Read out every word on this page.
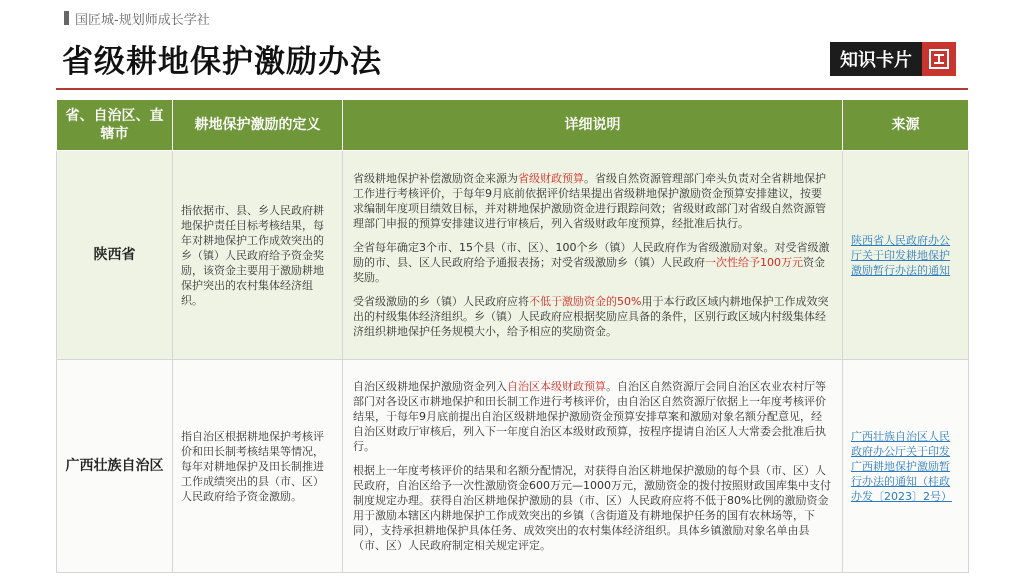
国匠城-规划师成长学社
省级耕地保护激励办法	知识卡片
省、自治区、直辖市	耕地保护激励的定义	详细说明	来源
陕西省	指依据市、县、乡人民政府耕地保护责任目标考核结果，每年对耕地保护工作成效突出的乡（镇）人民政府给予资金奖励，该资金主要用于激励耕地保护突出的农村集体经济组织。	省级耕地保护补偿激励资金来源为省级财政预算。省级自然资源管理部门牵头负责对全省耕地保护工作进行考核评价，于每年9月底前依据评价结果提出省级耕地保护激励资金预算安排建议，按要求编制年度项目绩效目标，并对耕地保护激励资金进行跟踪问效；省级财政部门对省级自然资源管理部门申报的预算安排建议进行审核后，列入省级财政年度预算，经批准后执行。

全省每年确定3个市、15个县（市、区）、100个乡（镇）人民政府作为省级激励对象。对受省级激励的市、县、区人民政府给予通报表扬；对受省级激励乡（镇）人民政府一次性给予100万元资金奖励。

受省级激励的乡（镇）人民政府应将不低于激励资金的50%用于本行政区域内耕地保护工作成效突出的村级集体经济组织。乡（镇）人民政府应根据奖励应具备的条件，区别行政区域内村级集体经济组织耕地保护任务规模大小，给予相应的奖励资金。	陕西省人民政府办公厅关于印发耕地保护激励暂行办法的通知
广西壮族自治区	指自治区根据耕地保护考核评价和田长制考核结果等情况，每年对耕地保护及田长制推进工作成绩突出的县（市、区）人民政府给予资金激励。	自治区级耕地保护激励资金列入自治区本级财政预算。自治区自然资源厅会同自治区农业农村厅等部门对各设区市耕地保护和田长制工作进行考核评价，由自治区自然资源厅依据上一年度考核评价结果，于每年9月底前提出自治区级耕地保护激励资金预算安排草案和激励对象名额分配意见，经自治区财政厅审核后，列入下一年度自治区本级财政预算，按程序提请自治区人大常委会批准后执行。

根据上一年度考核评价的结果和名额分配情况，对获得自治区耕地保护激励的每个县（市、区）人民政府，自治区给予一次性激励资金600万元—1000万元，激励资金的拨付按照财政国库集中支付制度规定办理。获得自治区耕地保护激励的县（市、区）人民政府应将不低于80%比例的激励资金用于激励本辖区内耕地保护工作成效突出的乡镇（含街道及有耕地保护任务的国有农林场等，下同），支持承担耕地保护具体任务、成效突出的农村集体经济组织。具体乡镇激励对象名单由县（市、区）人民政府制定相关规定评定。	广西壮族自治区人民政府办公厅关于印发广西耕地保护激励暂行办法的通知（桂政办发〔2023〕2号）
